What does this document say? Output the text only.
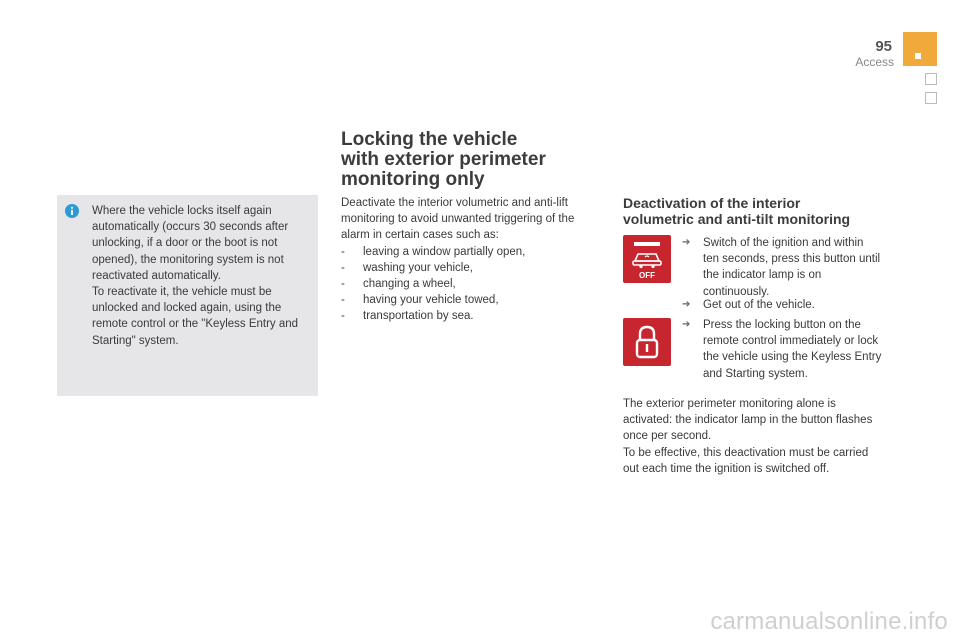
95
Access

Where the vehicle locks itself again automatically (occurs 30 seconds after unlocking, if a door or the boot is not opened), the monitoring system is not reactivated automatically.

To reactivate it, the vehicle must be unlocked and locked again, using the remote control or the "Keyless Entry and Starting" system.

Locking the vehicle
with exterior perimeter
monitoring only

Deactivate the interior volumetric and anti-lift monitoring to avoid unwanted triggering of the alarm in certain cases such as:

- leaving a window partially open,
- washing your vehicle,
- changing a wheel,
- having your vehicle towed,
- transportation by sea.
Deactivation of the interior
volumetric and anti-tilt monitoring
OFF
➔	Switch of the ignition and within ten seconds, press this button until the indicator lamp is on continuously.
➔	Get out of the vehicle.
➔	Press the locking button on the remote control immediately or lock the vehicle using the Keyless Entry and Starting system.

The exterior perimeter monitoring alone is activated: the indicator lamp in the button flashes once per second.

To be effective, this deactivation must be carried out each time the ignition is switched off.

carmanualsonline.info
